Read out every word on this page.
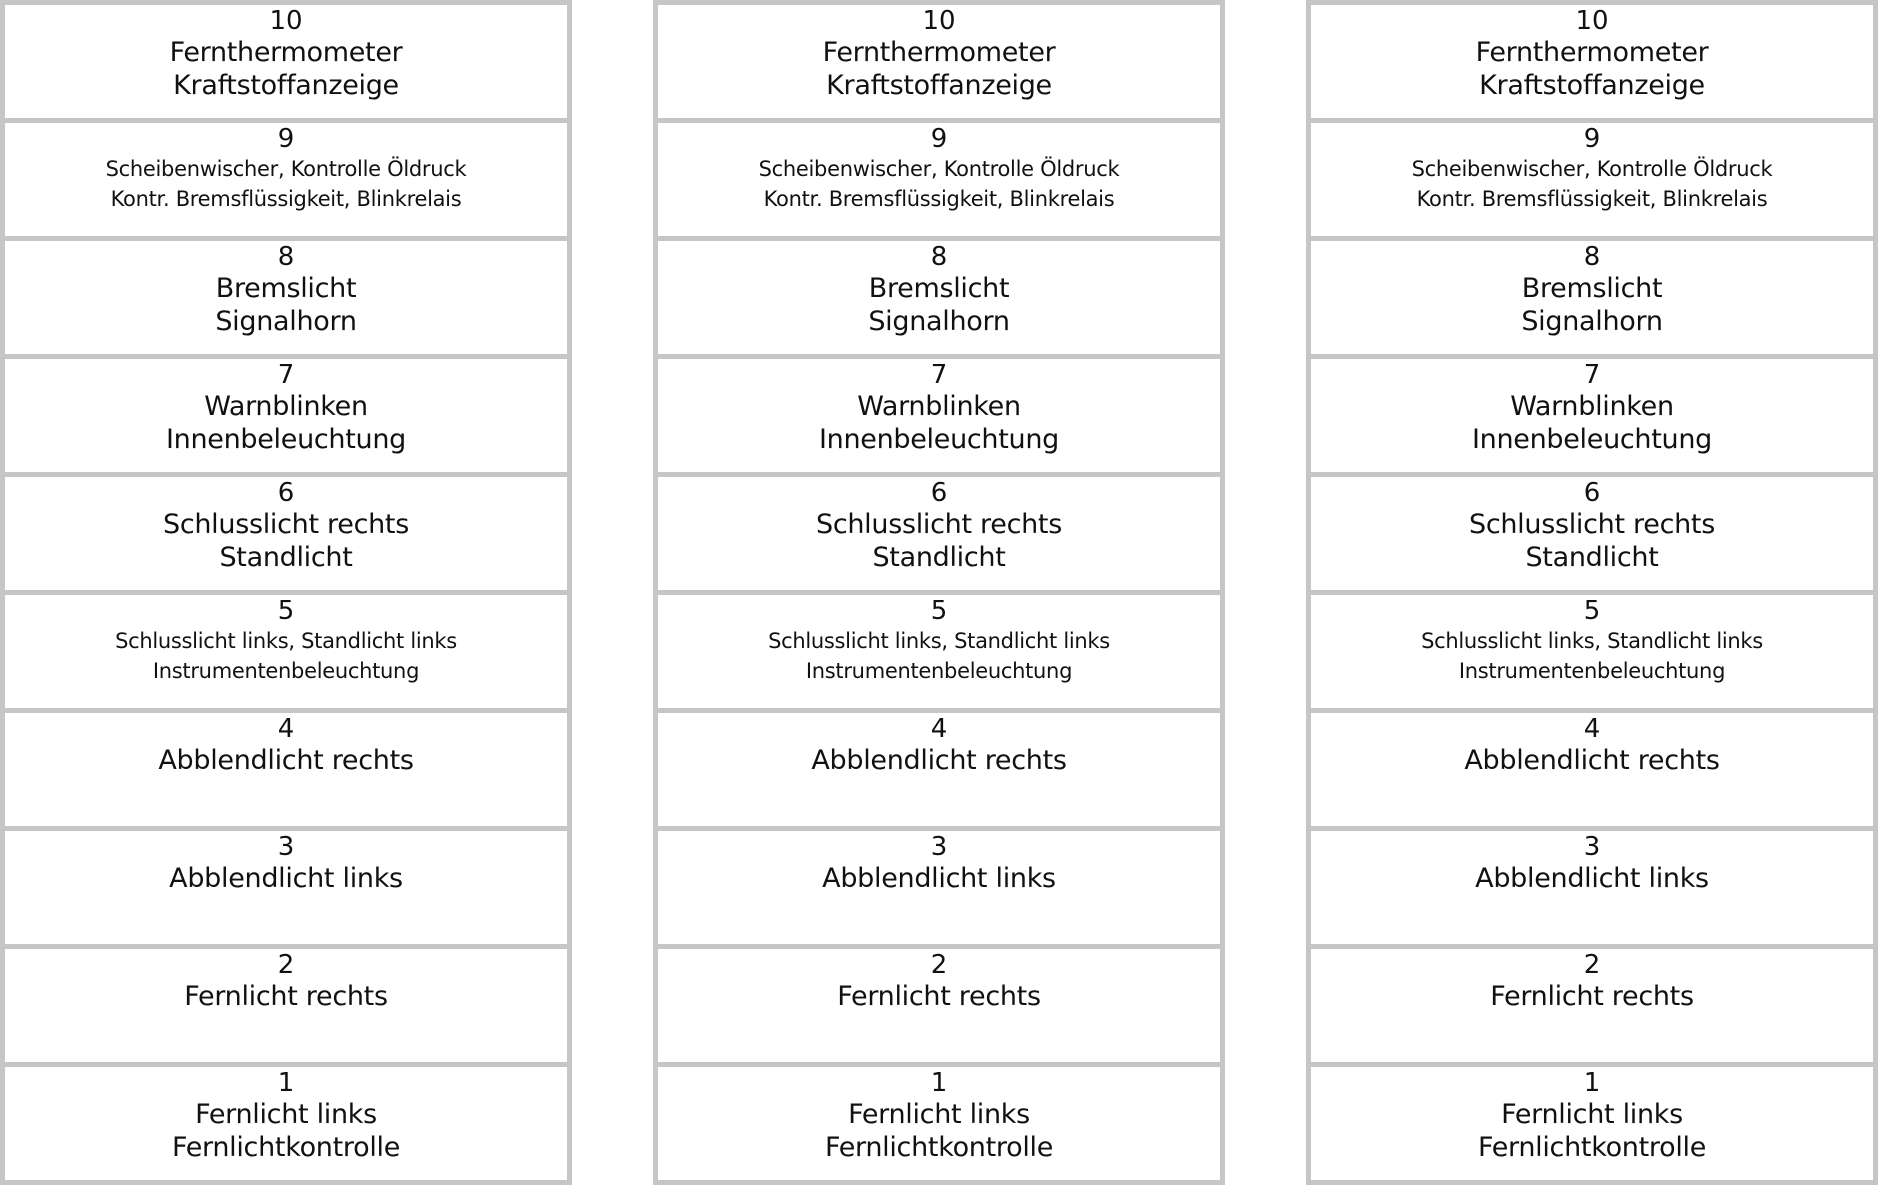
10
Fernthermometer
Kraftstoffanzeige
9
Scheibenwischer, Kontrolle Öldruck
Kontr. Bremsflüssigkeit, Blinkrelais
8
Bremslicht
Signalhorn
7
Warnblinken
Innenbeleuchtung
6
Schlusslicht rechts
Standlicht
5
Schlusslicht links, Standlicht links
Instrumentenbeleuchtung
4
Abblendlicht rechts

3
Abblendlicht links

2
Fernlicht rechts

1
Fernlicht links
Fernlichtkontrolle
10
Fernthermometer
Kraftstoffanzeige
9
Scheibenwischer, Kontrolle Öldruck
Kontr. Bremsflüssigkeit, Blinkrelais
8
Bremslicht
Signalhorn
7
Warnblinken
Innenbeleuchtung
6
Schlusslicht rechts
Standlicht
5
Schlusslicht links, Standlicht links
Instrumentenbeleuchtung
4
Abblendlicht rechts

3
Abblendlicht links

2
Fernlicht rechts

1
Fernlicht links
Fernlichtkontrolle
10
Fernthermometer
Kraftstoffanzeige
9
Scheibenwischer, Kontrolle Öldruck
Kontr. Bremsflüssigkeit, Blinkrelais
8
Bremslicht
Signalhorn
7
Warnblinken
Innenbeleuchtung
6
Schlusslicht rechts
Standlicht
5
Schlusslicht links, Standlicht links
Instrumentenbeleuchtung
4
Abblendlicht rechts

3
Abblendlicht links

2
Fernlicht rechts

1
Fernlicht links
Fernlichtkontrolle
